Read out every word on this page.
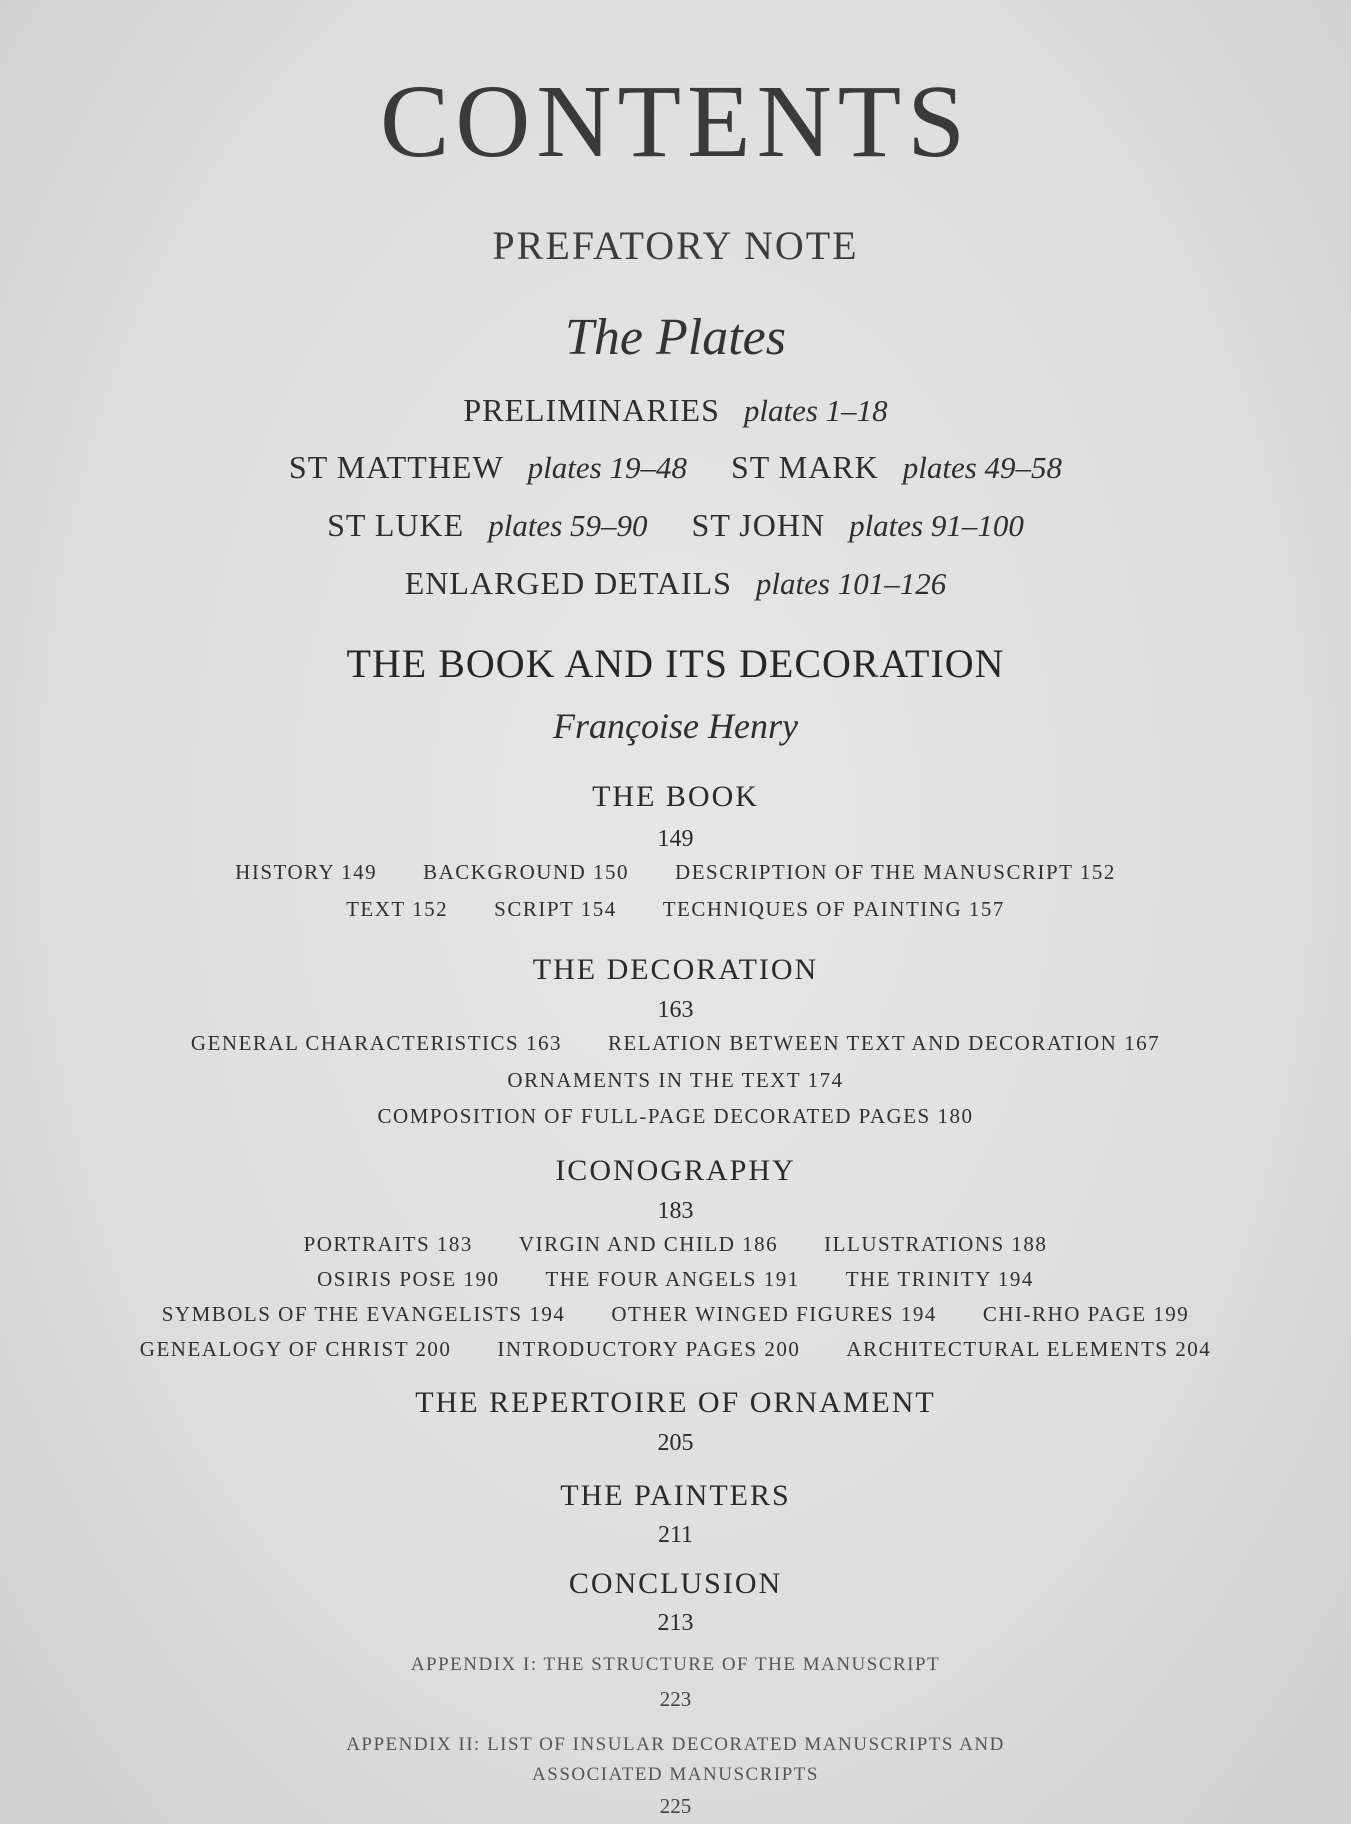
CONTENTS
PREFATORY NOTE
The Plates
PRELIMINARIES plates 1–18
ST MATTHEW plates 19–48 ST MARK plates 49–58
ST LUKE plates 59–90 ST JOHN plates 91–100
ENLARGED DETAILS plates 101–126
THE BOOK AND ITS DECORATION
Françoise Henry
THE BOOK
149
HISTORY 149 BACKGROUND 150 DESCRIPTION OF THE MANUSCRIPT 152
TEXT 152 SCRIPT 154 TECHNIQUES OF PAINTING 157
THE DECORATION
163
GENERAL CHARACTERISTICS 163 RELATION BETWEEN TEXT AND DECORATION 167
ORNAMENTS IN THE TEXT 174
COMPOSITION OF FULL-PAGE DECORATED PAGES 180
ICONOGRAPHY
183
PORTRAITS 183 VIRGIN AND CHILD 186 ILLUSTRATIONS 188
OSIRIS POSE 190 THE FOUR ANGELS 191 THE TRINITY 194
SYMBOLS OF THE EVANGELISTS 194 OTHER WINGED FIGURES 194 CHI-RHO PAGE 199
GENEALOGY OF CHRIST 200 INTRODUCTORY PAGES 200 ARCHITECTURAL ELEMENTS 204
THE REPERTOIRE OF ORNAMENT
205
THE PAINTERS
211
CONCLUSION
213
APPENDIX I: THE STRUCTURE OF THE MANUSCRIPT
223
APPENDIX II: LIST OF INSULAR DECORATED MANUSCRIPTS AND
ASSOCIATED MANUSCRIPTS
225
